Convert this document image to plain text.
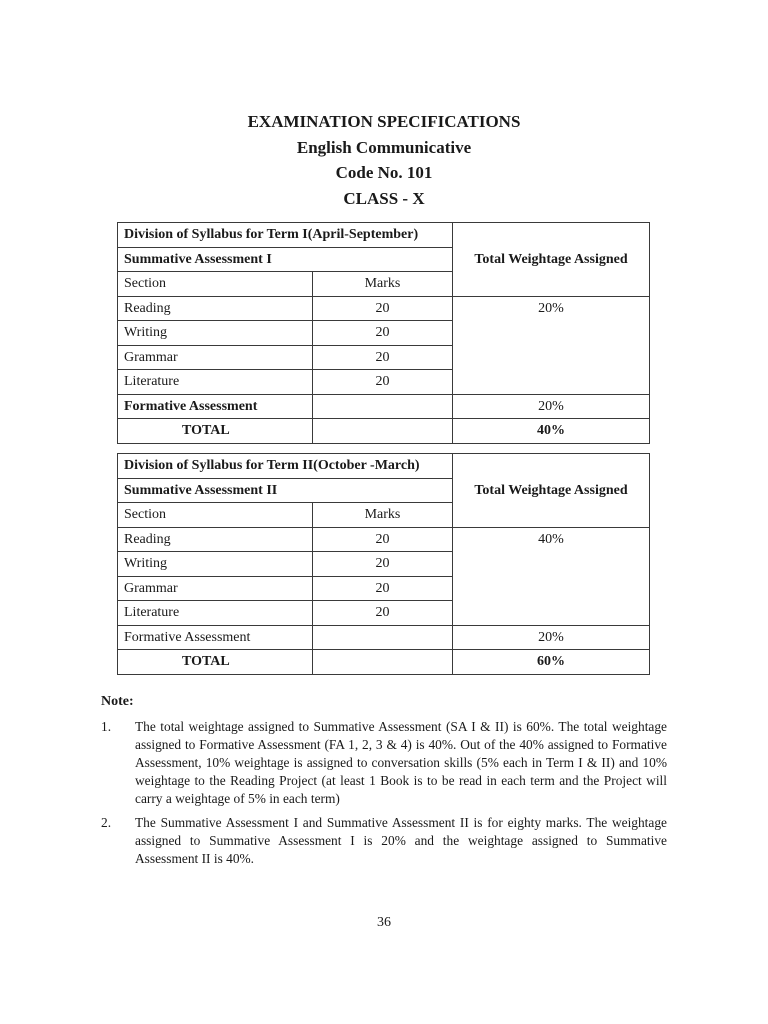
EXAMINATION SPECIFICATIONS
English Communicative
Code No. 101
CLASS - X
Division of Syllabus for Term I(April-September)		Total Weightage Assigned
Summative Assessment I		
Section	Marks	
Reading	20	20%
Writing	20	
Grammar	20	
Literature	20	
Formative Assessment		20%
TOTAL		40%
Division of Syllabus for Term II(October -March)		Total Weightage Assigned
Summative Assessment II		
Section	Marks	
Reading	20	40%
Writing	20	
Grammar	20	
Literature	20	
Formative Assessment		20%
TOTAL		60%
Note:
1. The total weightage assigned to Summative Assessment (SA I & II) is 60%. The total weightage assigned to Formative Assessment (FA 1, 2, 3 & 4) is 40%. Out of the 40% assigned to Formative Assessment, 10% weightage is assigned to conversation skills (5% each in Term I & II) and 10% weightage to the Reading Project (at least 1 Book is to be read in each term and the Project will carry a weightage of 5% in each term)
2. The Summative Assessment I and Summative Assessment II is for eighty marks. The weightage assigned to Summative Assessment I is 20% and the weightage assigned to Summative Assessment II is 40%.
36
